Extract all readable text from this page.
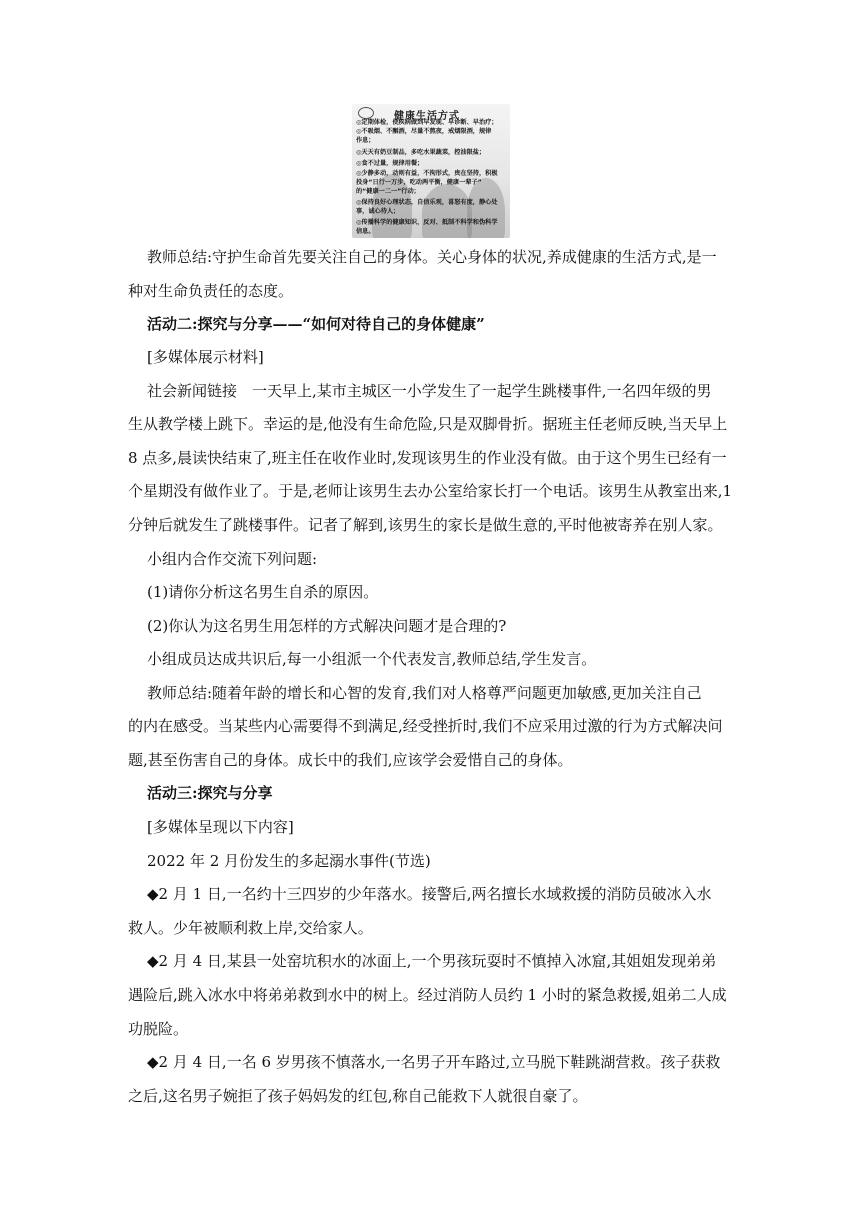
健康生活方式
◎定期体检，使疾病做到早发现、早诊断、早治疗；
◎不吸烟、不酗酒，尽量不熬夜，戒烟限酒，规律
作息；
◎天天有奶豆制品，多吃水果蔬菜，控油限盐；
◎食不过量，规律用餐；
◎少静多动，动则有益，不拘形式，贵在坚持，积极
投身“日行一万步，吃动两平衡，健康一辈子”
的“健康一二一”行动；
◎保持良好心理状态，自信乐观，喜怒有度，静心处
事，诚心待人；
◎传播科学的健康知识，反对、抵制不科学和伪科学
信息。
教师总结:守护生命首先要关注自己的身体。关心身体的状况,养成健康的生活方式,是一
种对生命负责任的态度。
活动二:探究与分享——“如何对待自己的身体健康”
[多媒体展示材料]
社会新闻链接　一天早上,某市主城区一小学发生了一起学生跳楼事件,一名四年级的男
生从教学楼上跳下。幸运的是,他没有生命危险,只是双脚骨折。据班主任老师反映,当天早上
8 点多,晨读快结束了,班主任在收作业时,发现该男生的作业没有做。由于这个男生已经有一
个星期没有做作业了。于是,老师让该男生去办公室给家长打一个电话。该男生从教室出来,1
分钟后就发生了跳楼事件。记者了解到,该男生的家长是做生意的,平时他被寄养在别人家。
小组内合作交流下列问题:
(1)请你分析这名男生自杀的原因。
(2)你认为这名男生用怎样的方式解决问题才是合理的?
小组成员达成共识后,每一小组派一个代表发言,教师总结,学生发言。
教师总结:随着年龄的增长和心智的发育,我们对人格尊严问题更加敏感,更加关注自己
的内在感受。当某些内心需要得不到满足,经受挫折时,我们不应采用过激的行为方式解决问
题,甚至伤害自己的身体。成长中的我们,应该学会爱惜自己的身体。
活动三:探究与分享
[多媒体呈现以下内容]
2022 年 2 月份发生的多起溺水事件(节选)
◆2 月 1 日,一名约十三四岁的少年落水。接警后,两名擅长水域救援的消防员破冰入水
救人。少年被顺利救上岸,交给家人。
◆2 月 4 日,某县一处窑坑积水的冰面上,一个男孩玩耍时不慎掉入冰窟,其姐姐发现弟弟
遇险后,跳入冰水中将弟弟救到水中的树上。经过消防人员约 1 小时的紧急救援,姐弟二人成
功脱险。
◆2 月 4 日,一名 6 岁男孩不慎落水,一名男子开车路过,立马脱下鞋跳湖营救。孩子获救
之后,这名男子婉拒了孩子妈妈发的红包,称自己能救下人就很自豪了。
